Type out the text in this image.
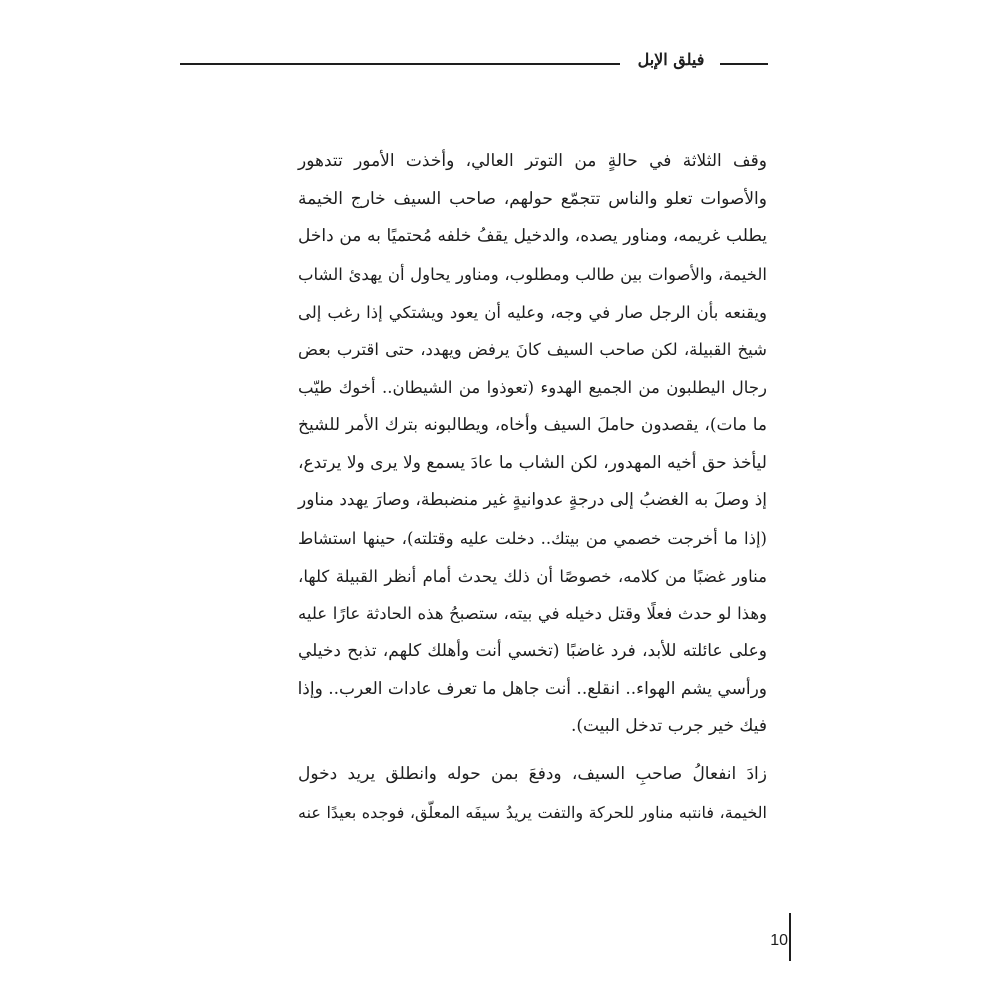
فيلق الإبل

وقف الثلاثة في حالةٍ من التوتر العالي، وأخذت الأمور تتدهور
والأصوات تعلو والناس تتجمّع حولهم، صاحب السيف خارج الخيمة
يطلب غريمه، ومناور يصده، والدخيل يقفُ خلفه مُحتميًا به من داخل
الخيمة، والأصوات بين طالب ومطلوب، ومناور يحاول أن يهدئ الشاب
ويقنعه بأن الرجل صار في وجه، وعليه أن يعود ويشتكي إذا رغب إلى
شيخ القبيلة، لكن صاحب السيف كانَ يرفض ويهدد، حتى اقترب بعض
رجال اليطلبون من الجميع الهدوء (تعوذوا من الشيطان.. أخوك طيّب
ما مات)، يقصدون حاملَ السيف وأخاه، ويطالبونه بترك الأمر للشيخ
ليأخذ حق أخيه المهدور، لكن الشاب ما عادَ يسمع ولا يرى ولا يرتدع،
إذ وصلَ به الغضبُ إلى درجةٍ عدوانيةٍ غير منضبطة، وصارَ يهدد مناور
(إذا ما أخرجت خصمي من بيتك.. دخلت عليه وقتلته)، حينها استشاط
مناور غضبًا من كلامه، خصوصًا أن ذلك يحدث أمام أنظر القبيلة كلها،
وهذا لو حدث فعلًا وقتل دخيله في بيته، ستصبحُ هذه الحادثة عارًا عليه
وعلى عائلته للأبد، فرد غاضبًا (تخسي أنت وأهلك كلهم، تذبح دخيلي
ورأسي يشم الهواء.. انقلع.. أنت جاهل ما تعرف عادات العرب.. وإذا
فيك خير جرب تدخل البيت).

زادَ انفعالُ صاحبِ السيف، ودفعَ بمن حوله وانطلق يريد دخول
الخيمة، فانتبه مناور للحركة والتفت يريدُ سيفَه المعلّق، فوجده بعيدًا عنه

10
